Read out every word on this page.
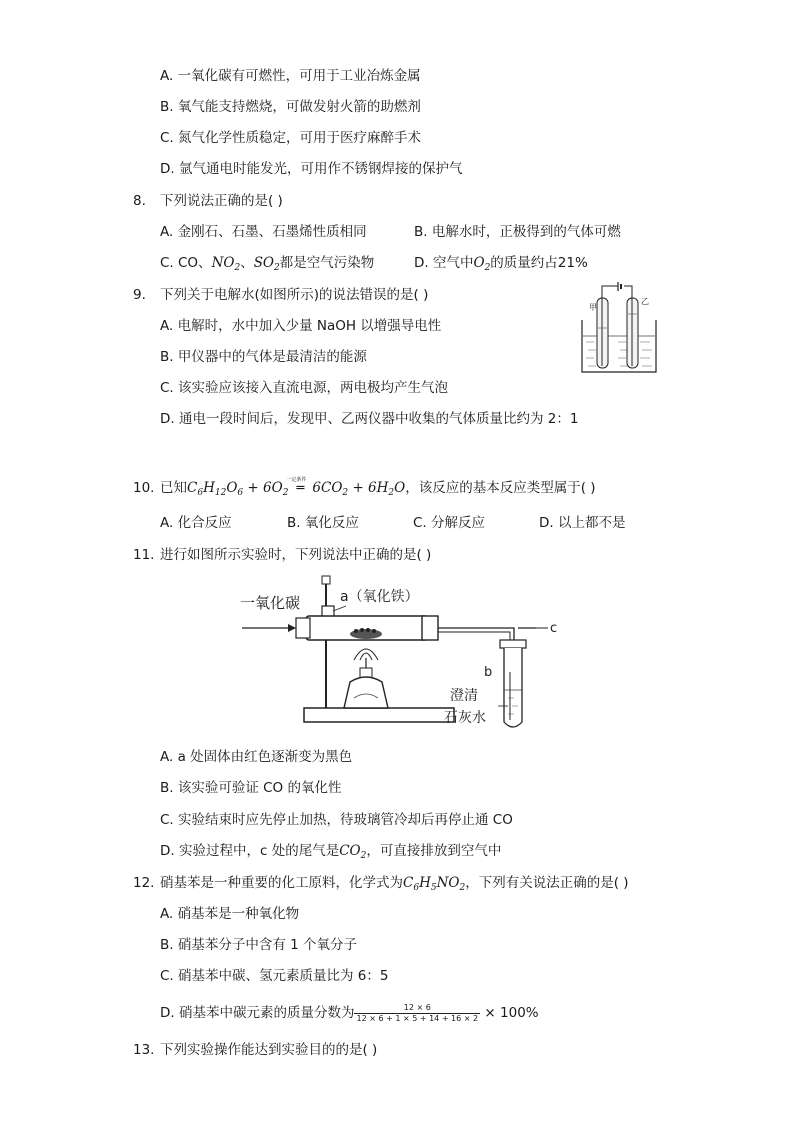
A. 一氧化碳有可燃性，可用于工业冶炼金属
B. 氧气能支持燃烧，可做发射火箭的助燃剂
C. 氮气化学性质稳定，可用于医疗麻醉手术
D. 氩气通电时能发光，可用作不锈钢焊接的保护气
8. 下列说法正确的是( )
A. 金刚石、石墨、石墨烯性质相同	B. 电解水时，正极得到的气体可燃
C. CO、$NO_2$、$SO_2$都是空气污染物	D. 空气中$O_2$的质量约占21%
9. 下列关于电解水(如图所示)的说法错误的是( )
A. 电解时，水中加入少量 NaOH 以增强导电性
B. 甲仪器中的气体是最清洁的能源
C. 该实验应该接入直流电源，两电极均产生气泡
D. 通电一段时间后，发现甲、乙两仪器中收集的气体质量比约为 2：1
甲
乙
10. 已知$C_6H_{12}O_6 + 6O_2$
一定条件
═ $6CO_2 + 6H_2O$，该反应的基本反应类型属于( )
A. 化合反应	B. 氧化反应	C. 分解反应	D. 以上都不是
11. 进行如图所示实验时，下列说法中正确的是( )
a（氧化铁）
一氧化碳
c
b
澄清
石灰水
A. a 处固体由红色逐渐变为黑色
B. 该实验可验证 CO 的氧化性
C. 实验结束时应先停止加热，待玻璃管冷却后再停止通 CO
D. 实验过程中，c 处的尾气是$CO_2$，可直接排放到空气中
12. 硝基苯是一种重要的化工原料，化学式为$C_6H_5NO_2$，下列有关说法正确的是( )
A. 硝基苯是一种氧化物
B. 硝基苯分子中含有 1 个氧分子
C. 硝基苯中碳、氢元素质量比为 6：5
D. 硝基苯中碳元素的质量分数为 $\frac{12 \times 6}{12 \times 6 + 1 \times 5 + 14 + 16 \times 2} \times 100\%$
13. 下列实验操作能达到实验目的的是( )
